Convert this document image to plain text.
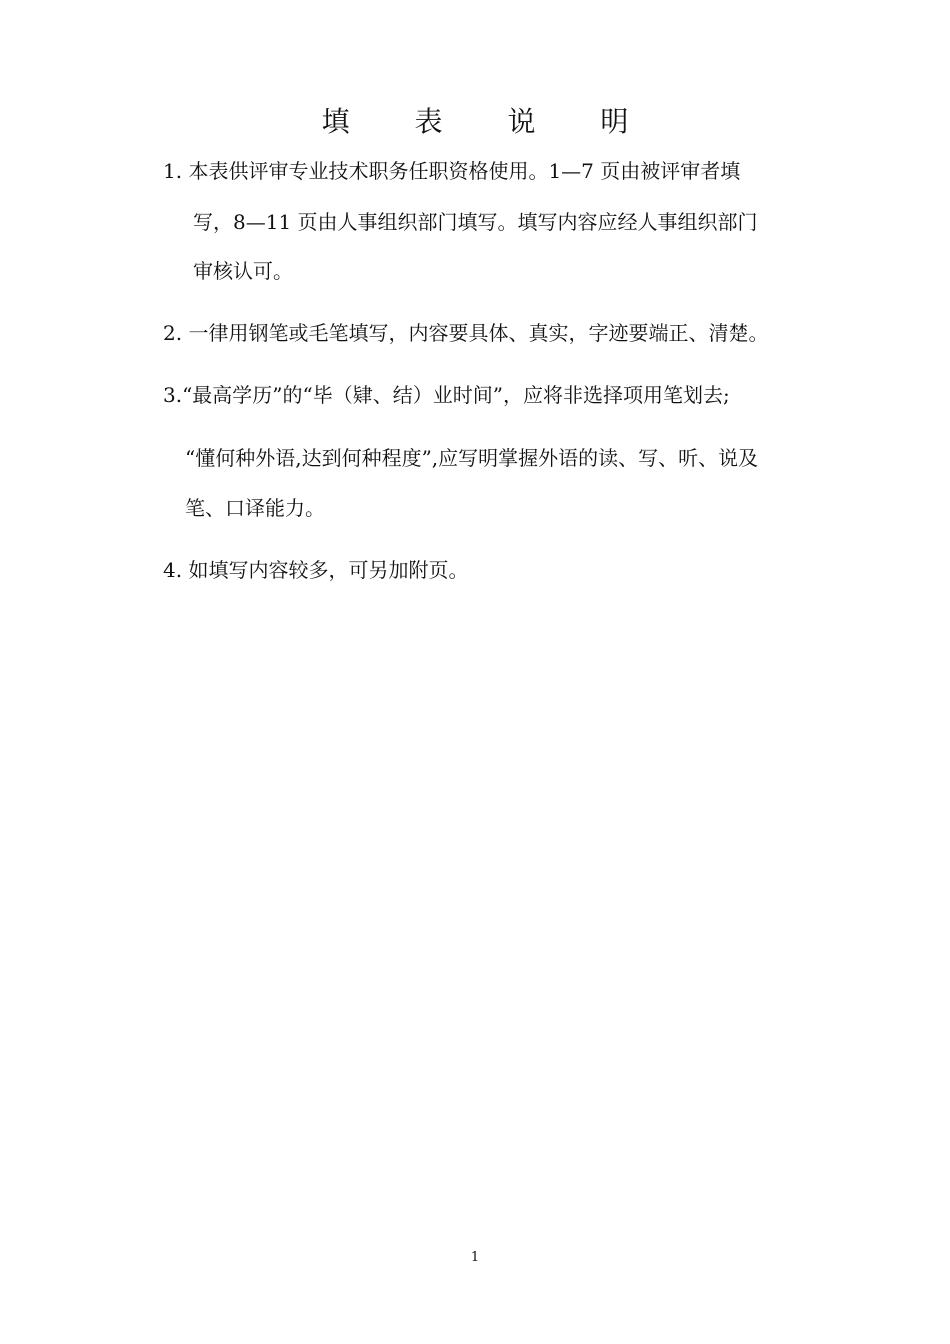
填 表 说 明
1. 本表供评审专业技术职务任职资格使用。1—7 页由被评审者填
写，8—11 页由人事组织部门填写。填写内容应经人事组织部门
审核认可。
2. 一律用钢笔或毛笔填写，内容要具体、真实，字迹要端正、清楚。
3.“最高学历”的“毕（肄、结）业时间”，应将非选择项用笔划去;
“懂何种外语,达到何种程度”,应写明掌握外语的读、写、听、说及
笔、口译能力。
4. 如填写内容较多，可另加附页。
1
